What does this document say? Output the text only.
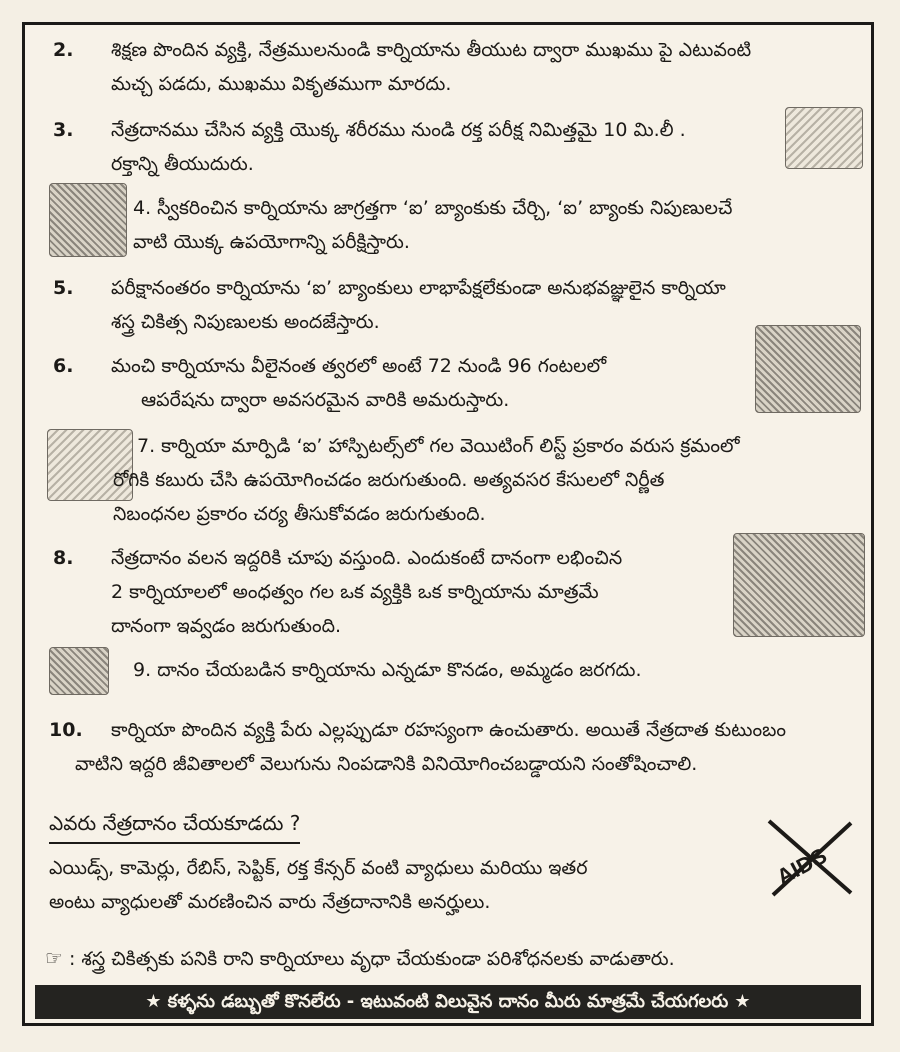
2. శిక్షణ పొందిన వ్యక్తి, నేత్రములనుండి కార్నియాను తీయుట ద్వారా ముఖము పై ఎటువంటి
మచ్చ పడదు, ముఖము వికృతముగా మారదు.
3. నేత్రదానము చేసిన వ్యక్తి యొక్క శరీరము నుండి రక్త పరీక్ష నిమిత్తమై 10 మి.లీ .
రక్తాన్ని తీయుదురు.
4. స్వీకరించిన కార్నియాను జాగ్రత్తగా ‘ఐ’ బ్యాంకుకు చేర్చి, ‘ఐ’ బ్యాంకు నిపుణులచే
వాటి యొక్క ఉపయోగాన్ని పరీక్షిస్తారు.
5. పరీక్షానంతరం కార్నియాను ‘ఐ’ బ్యాంకులు లాభాపేక్షలేకుండా అనుభవజ్ఞులైన కార్నియా
శస్త్ర చికిత్స నిపుణులకు అందజేస్తారు.
6. మంచి కార్నియాను వీలైనంత త్వరలో అంటే 72 నుండి 96 గంటలలో
ఆపరేషను ద్వారా అవసరమైన వారికి అమరుస్తారు.
7. కార్నియా మార్పిడి ‘ఐ’ హాస్పిటల్స్‌లో గల వెయిటింగ్ లిస్ట్ ప్రకారం వరుస క్రమంలో
రోగికి కబురు చేసి ఉపయోగించడం జరుగుతుంది. అత్యవసర కేసులలో నిర్ణీత
నిబంధనల ప్రకారం చర్య తీసుకోవడం జరుగుతుంది.
8. నేత్రదానం వలన ఇద్దరికి చూపు వస్తుంది. ఎందుకంటే దానంగా లభించిన
2 కార్నియాలలో అంధత్వం గల ఒక వ్యక్తికి ఒక కార్నియాను మాత్రమే
దానంగా ఇవ్వడం జరుగుతుంది.
9. దానం చేయబడిన కార్నియాను ఎన్నడూ కొనడం, అమ్మడం జరగదు.
10. కార్నియా పొందిన వ్యక్తి పేరు ఎల్లప్పుడూ రహస్యంగా ఉంచుతారు. అయితే నేత్రదాత కుటుంబం
వాటిని ఇద్దరి జీవితాలలో వెలుగును నింపడానికి వినియోగించబడ్డాయని సంతోషించాలి.
ఎవరు నేత్రదానం చేయకూడదు ?
ఎయిడ్స్, కామెర్లు, రేబిస్, సెప్టిక్, రక్త కేన్సర్ వంటి వ్యాధులు మరియు ఇతర
అంటు వ్యాధులతో మరణించిన వారు నేత్రదానానికి అనర్హులు.
AIDS
☞ : శస్త్ర చికిత్సకు పనికి రాని కార్నియాలు వృధా చేయకుండా పరిశోధనలకు వాడుతారు.
★ కళ్ళను డబ్బుతో కొనలేరు - ఇటువంటి విలువైన దానం మీరు మాత్రమే చేయగలరు ★
